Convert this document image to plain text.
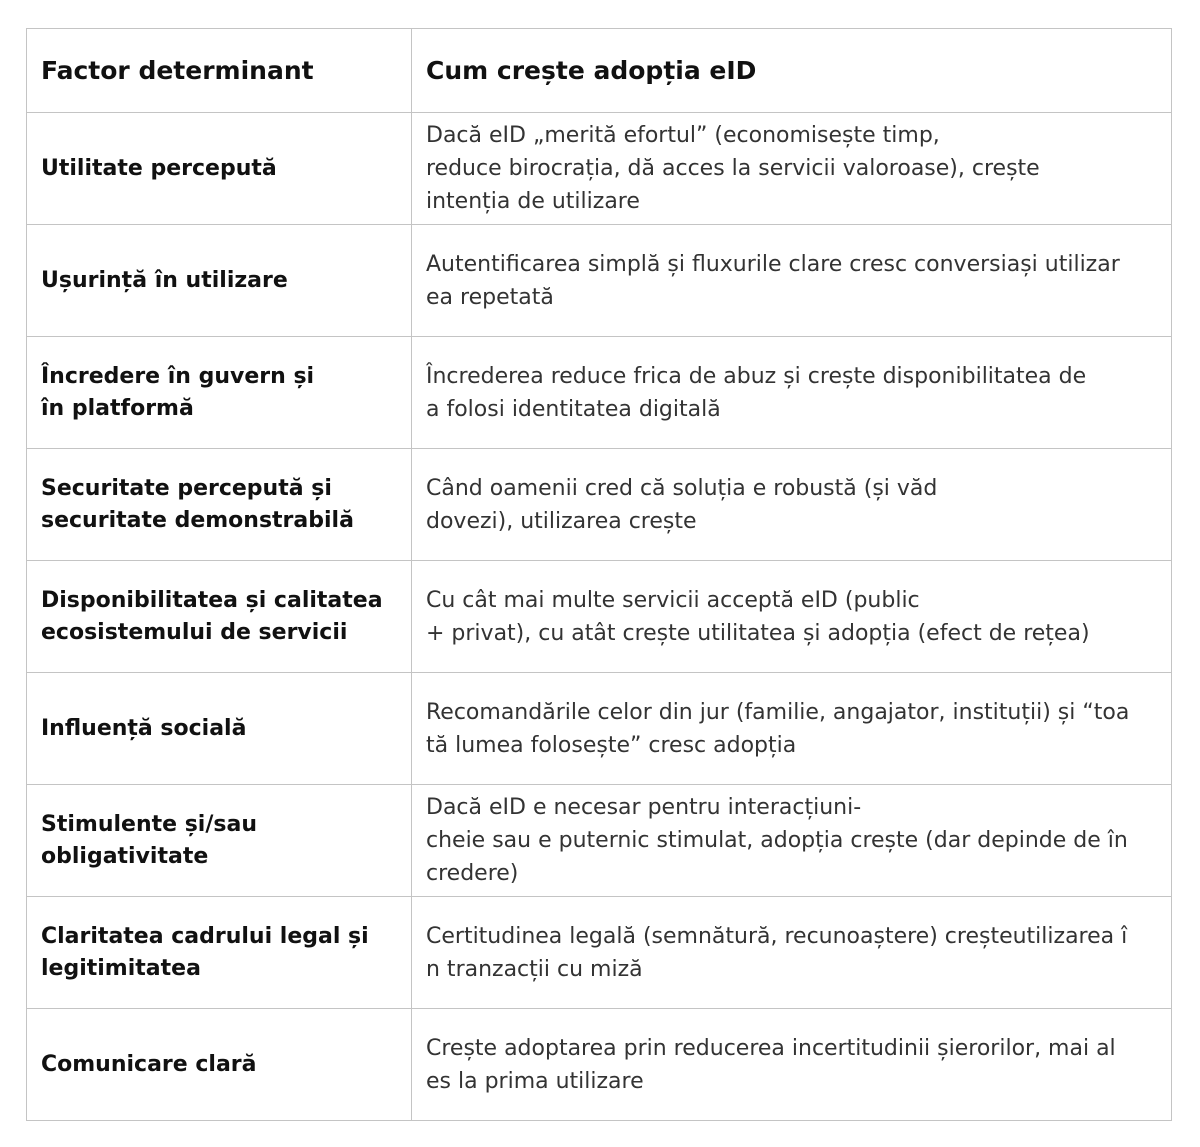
Factor determinant	Cum crește adopția eID

Utilitate percepută	Dacă eID „merită efortul” (economisește timp,
reduce birocrația, dă acces la servicii valoroase), crește
intenția de utilizare

Ușurință în utilizare	Autentificarea simplă și fluxurile clare cresc conversiași utilizar
ea repetată

Încredere în guvern și
în platformă	Încrederea reduce frica de abuz și crește disponibilitatea de
a folosi identitatea digitală

Securitate percepută și
securitate demonstrabilă	Când oamenii cred că soluția e robustă (și văd
dovezi), utilizarea crește

Disponibilitatea și calitatea
ecosistemului de servicii	Cu cât mai multe servicii acceptă eID (public
+ privat), cu atât crește utilitatea și adopția (efect de rețea)

Influență socială	Recomandările celor din jur (familie, angajator, instituții) și “toa
tă lumea folosește” cresc adopția

Stimulente și/sau
obligativitate	Dacă eID e necesar pentru interacțiuni-
cheie sau e puternic stimulat, adopția crește (dar depinde de în
credere)

Claritatea cadrului legal și
legitimitatea	Certitudinea legală (semnătură, recunoaștere) creșteutilizarea î
n tranzacții cu miză

Comunicare clară	Crește adoptarea prin reducerea incertitudinii șierorilor, mai al
es la prima utilizare
